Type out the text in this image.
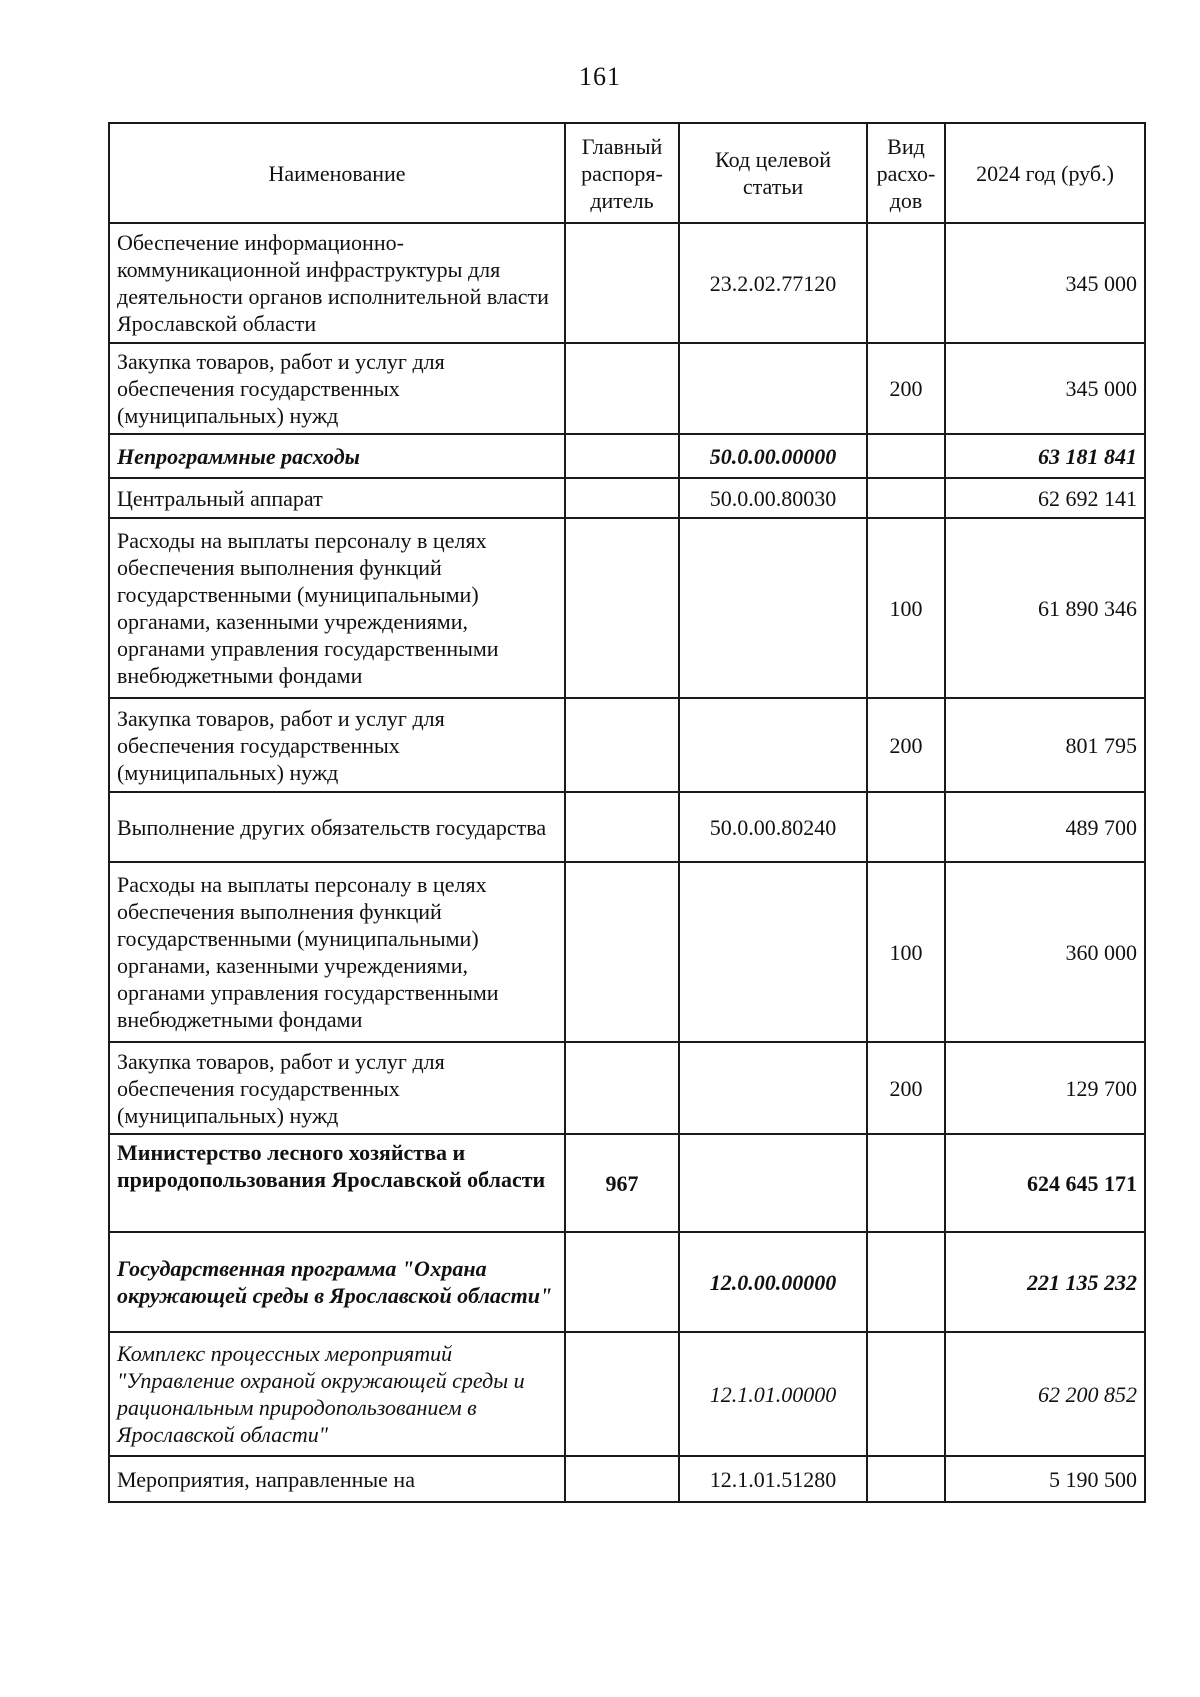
161
Наименование	Главный распоря-дитель	Код целевой статьи	Вид расхо-дов	2024 год (руб.)
Обеспечение информационно-коммуникационной инфраструктуры для деятельности органов исполнительной власти Ярославской области		23.2.02.77120		345 000
Закупка товаров, работ и услуг для обеспечения государственных (муниципальных) нужд			200	345 000
Непрограммные расходы		50.0.00.00000		63 181 841
Центральный аппарат		50.0.00.80030		62 692 141
Расходы на выплаты персоналу в целях обеспечения выполнения функций государственными (муниципальными) органами, казенными учреждениями, органами управления государственными внебюджетными фондами			100	61 890 346
Закупка товаров, работ и услуг для обеспечения государственных (муниципальных) нужд			200	801 795
Выполнение других обязательств государства		50.0.00.80240		489 700
Расходы на выплаты персоналу в целях обеспечения выполнения функций государственными (муниципальными) органами, казенными учреждениями, органами управления государственными внебюджетными фондами			100	360 000
Закупка товаров, работ и услуг для обеспечения государственных (муниципальных) нужд			200	129 700
Министерство лесного хозяйства и природопользования Ярославской области	967			624 645 171
Государственная программа "Охрана окружающей среды в Ярославской области"		12.0.00.00000		221 135 232
Комплекс процессных мероприятий "Управление охраной окружающей среды и рациональным природопользованием в Ярославской области"		12.1.01.00000		62 200 852
Мероприятия, направленные на		12.1.01.51280		5 190 500
